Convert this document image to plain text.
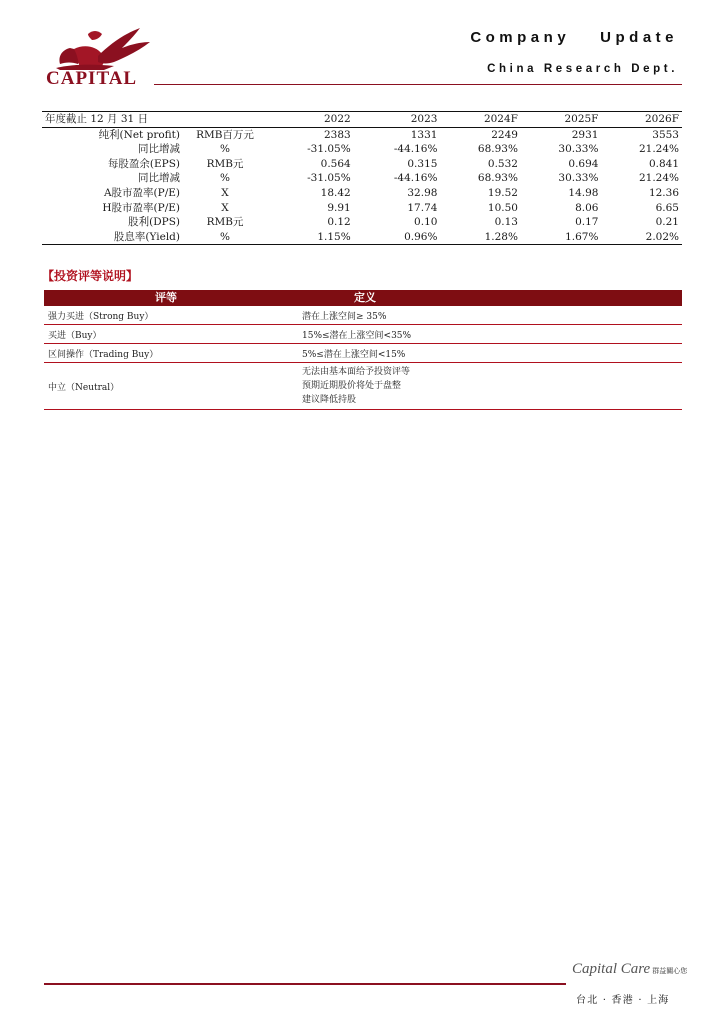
CAPITAL
Company Update
China Research Dept.
年度截止 12 月 31 日		2022	2023	2024F	2025F	2026F
纯利(Net profit)	RMB百万元	2383	1331	2249	2931	3553
同比增减	%	-31.05%	-44.16%	68.93%	30.33%	21.24%
每股盈余(EPS)	RMB元	0.564	0.315	0.532	0.694	0.841
同比增减	%	-31.05%	-44.16%	68.93%	30.33%	21.24%
A股市盈率(P/E)	X	18.42	32.98	19.52	14.98	12.36
H股市盈率(P/E)	X	9.91	17.74	10.50	8.06	6.65
股利(DPS)	RMB元	0.12	0.10	0.13	0.17	0.21
股息率(Yield)	%	1.15%	0.96%	1.28%	1.67%	2.02%
【投资评等说明】
评等	定义
强力买进（Strong Buy）	潜在上涨空间≥ 35%
买进（Buy）	15%≤潜在上涨空间<35%
区间操作（Trading Buy）	5%≤潜在上涨空间<15%
中立（Neutral）	无法由基本面给予投资评等
预期近期股价将处于盘整
建议降低持股
Capital Care 群益關心您
台北 · 香港 · 上海
